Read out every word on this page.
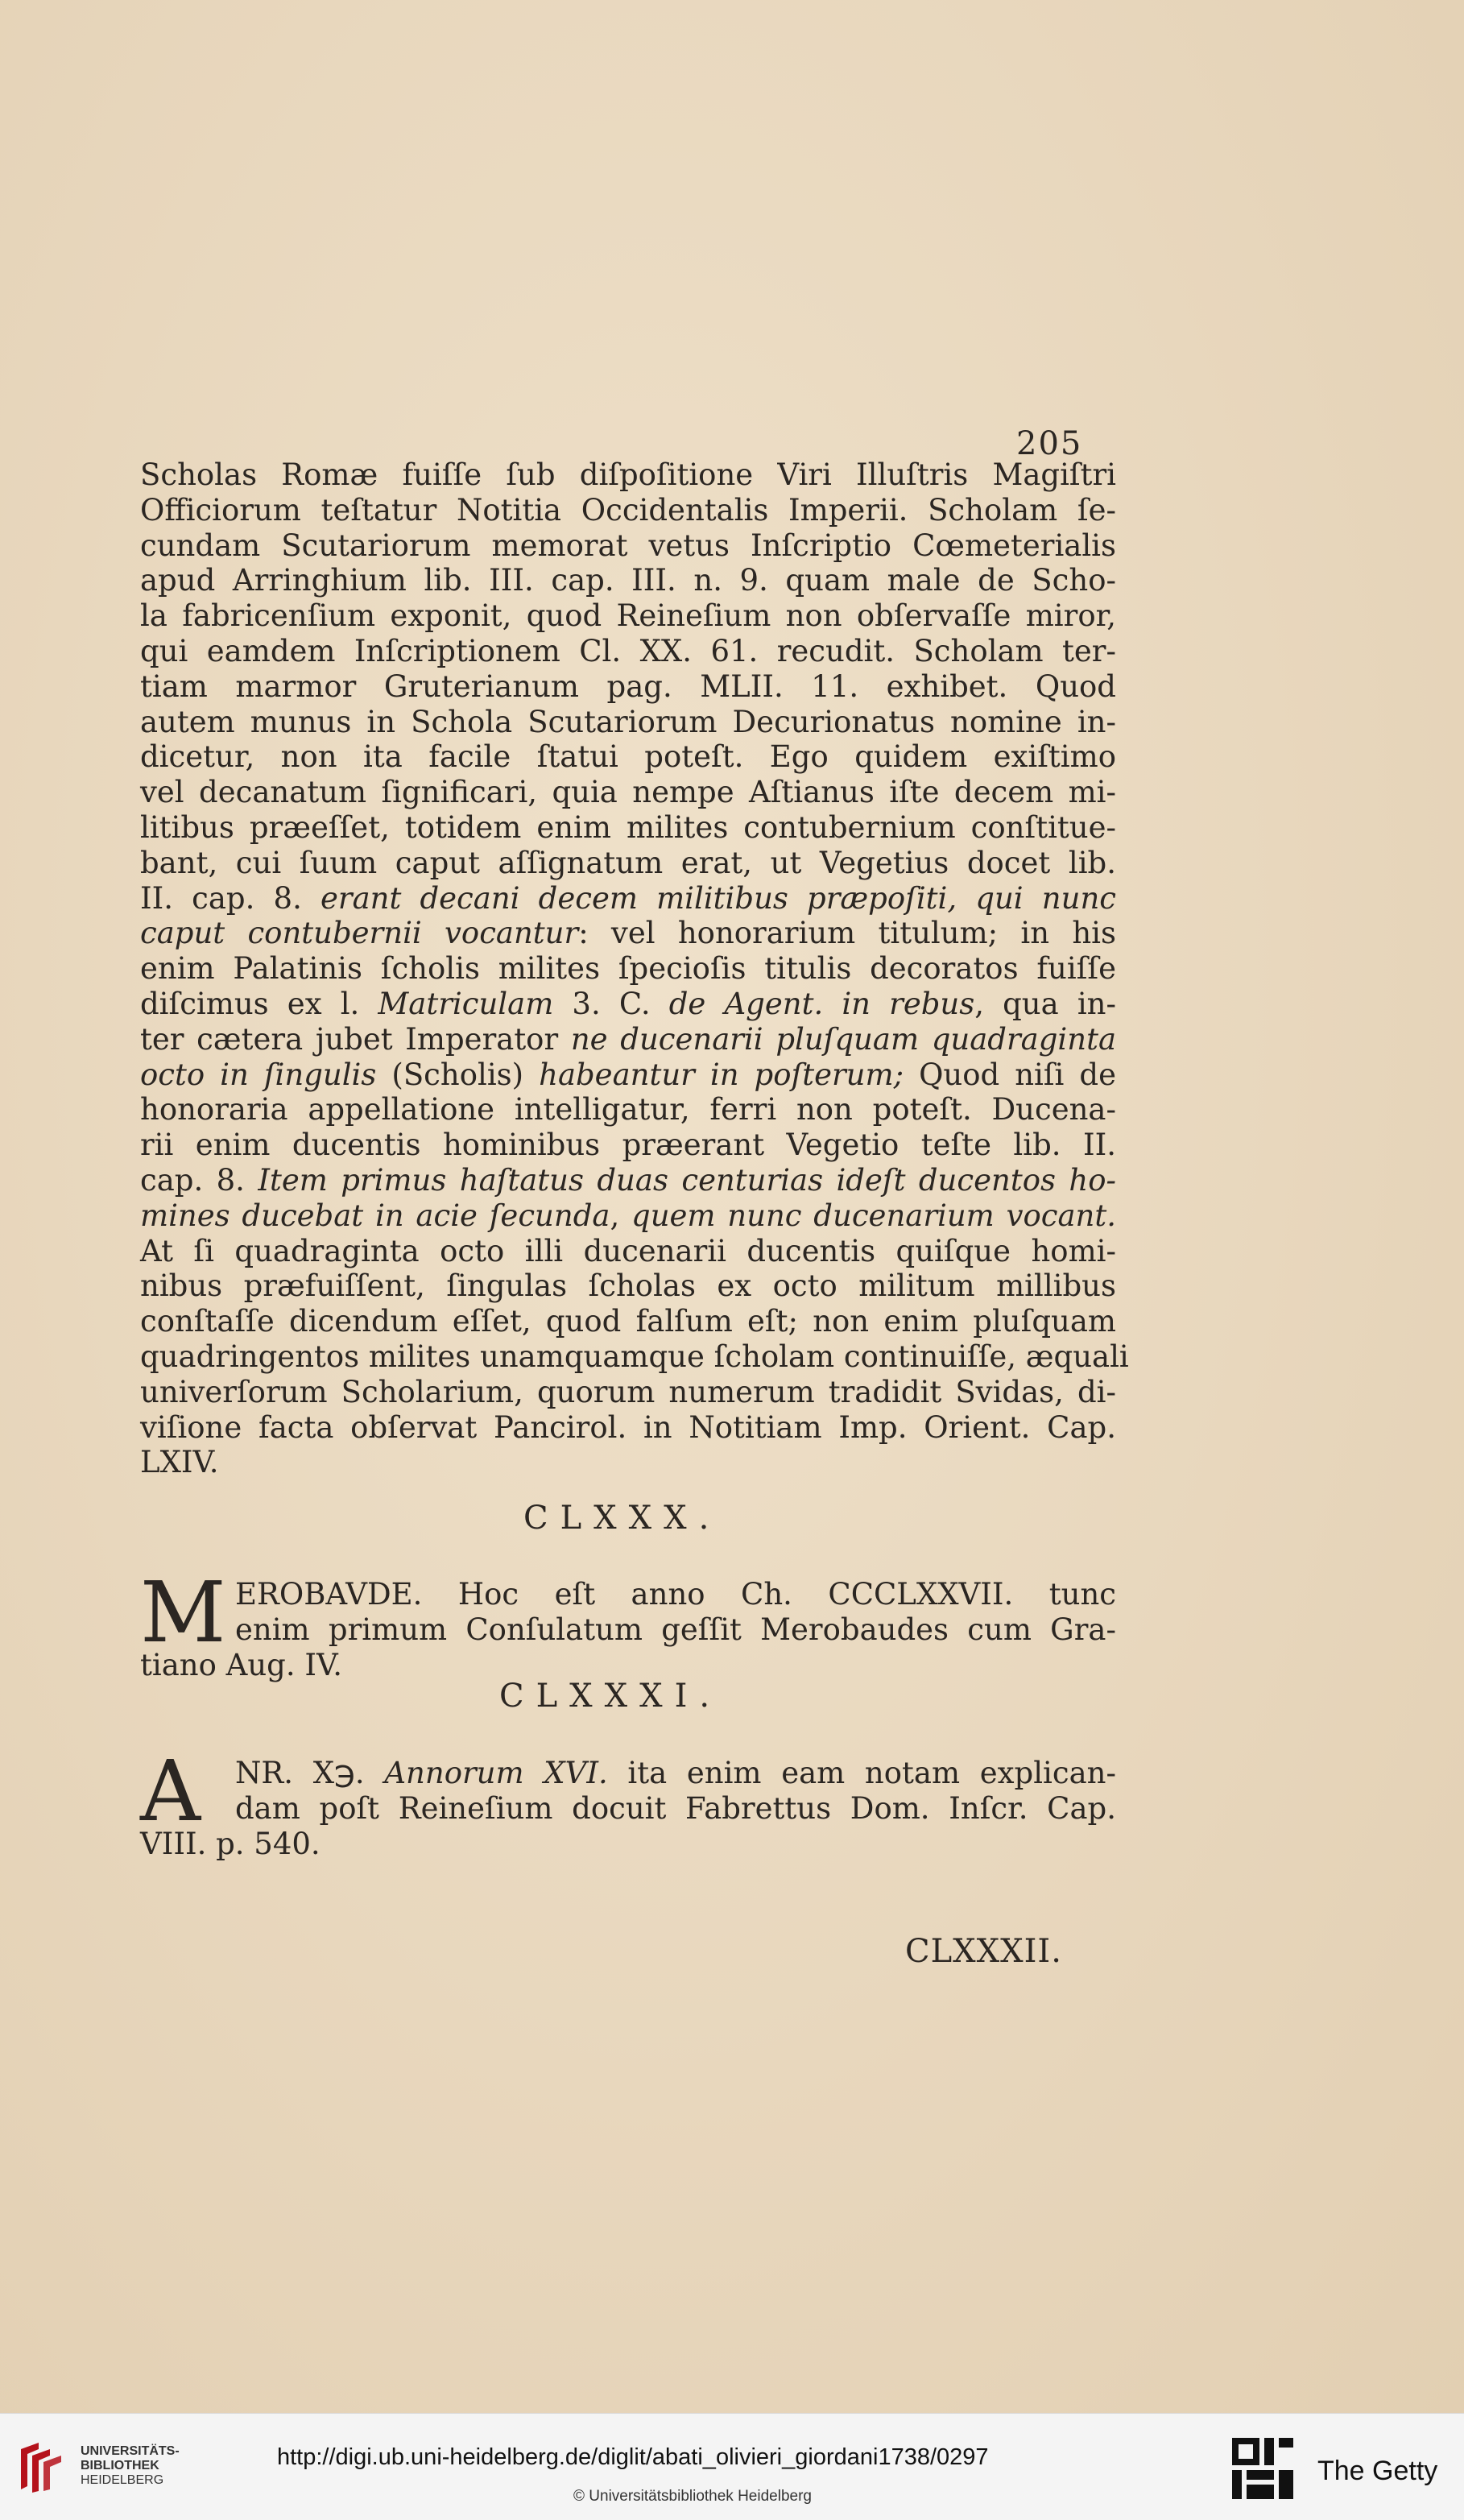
205
Scholas Romæ fuiſſe ſub diſpoſitione Viri Illuſtris Magiſtri
Officiorum teſtatur Notitia Occidentalis Imperii. Scholam ſe-
cundam Scutariorum memorat vetus Inſcriptio Cœmeterialis
apud Arringhium lib. III. cap. III. n. 9. quam male de Scho-
la fabricenſium exponit, quod Reineſium non obſervaſſe miror,
qui eamdem Inſcriptionem Cl. XX. 61. recudit. Scholam ter-
tiam marmor Gruterianum pag. MLII. 11. exhibet. Quod
autem munus in Schola Scutariorum Decurionatus nomine in-
dicetur, non ita facile ſtatui poteſt. Ego quidem exiſtimo
vel decanatum ſignificari, quia nempe Aſtianus iſte decem mi-
litibus præeſſet, totidem enim milites contubernium conſtitue-
bant, cui ſuum caput aſſignatum erat, ut Vegetius docet lib.
II. cap. 8. erant decani decem militibus præpoſiti, qui nunc
caput contubernii vocantur: vel honorarium titulum; in his
enim Palatinis ſcholis milites ſpecioſis titulis decoratos fuiſſe
diſcimus ex l. Matriculam 3. C. de Agent. in rebus, qua in-
ter cætera jubet Imperator ne ducenarii pluſquam quadraginta
octo in ſingulis (Scholis) habeantur in poſterum; Quod niſi de
honoraria appellatione intelligatur, ferri non poteſt. Ducena-
rii enim ducentis hominibus præerant Vegetio teſte lib. II.
cap. 8. Item primus haſtatus duas centurias ideſt ducentos ho-
mines ducebat in acie ſecunda, quem nunc ducenarium vocant.
At ſi quadraginta octo illi ducenarii ducentis quiſque homi-
nibus præfuiſſent, ſingulas ſcholas ex octo militum millibus
conſtaſſe dicendum eſſet, quod falſum eſt; non enim pluſquam
quadringentos milites unamquamque ſcholam continuiſſe, æquali
univerſorum Scholarium, quorum numerum tradidit Svidas, di-
viſione facta obſervat Pancirol. in Notitiam Imp. Orient. Cap.
LXIV.
CLXXX.
M EROBAVDE. Hoc eſt anno Ch. CCCLXXVII. tunc
enim primum Conſulatum geſſit Merobaudes cum Gra-
tiano Aug. IV.
CLXXXI.
A	NR. X℈. Annorum XVI. ita enim eam notam explican-
dam poſt Reineſium docuit Fabrettus Dom. Inſcr. Cap.
VIII. p. 540.
CLXXXII.
UNIVERSITÄTS-
BIBLIOTHEK
HEIDELBERG
http://digi.ub.uni-heidelberg.de/diglit/abati_olivieri_giordani1738/0297
© Universitätsbibliothek Heidelberg
The Getty
